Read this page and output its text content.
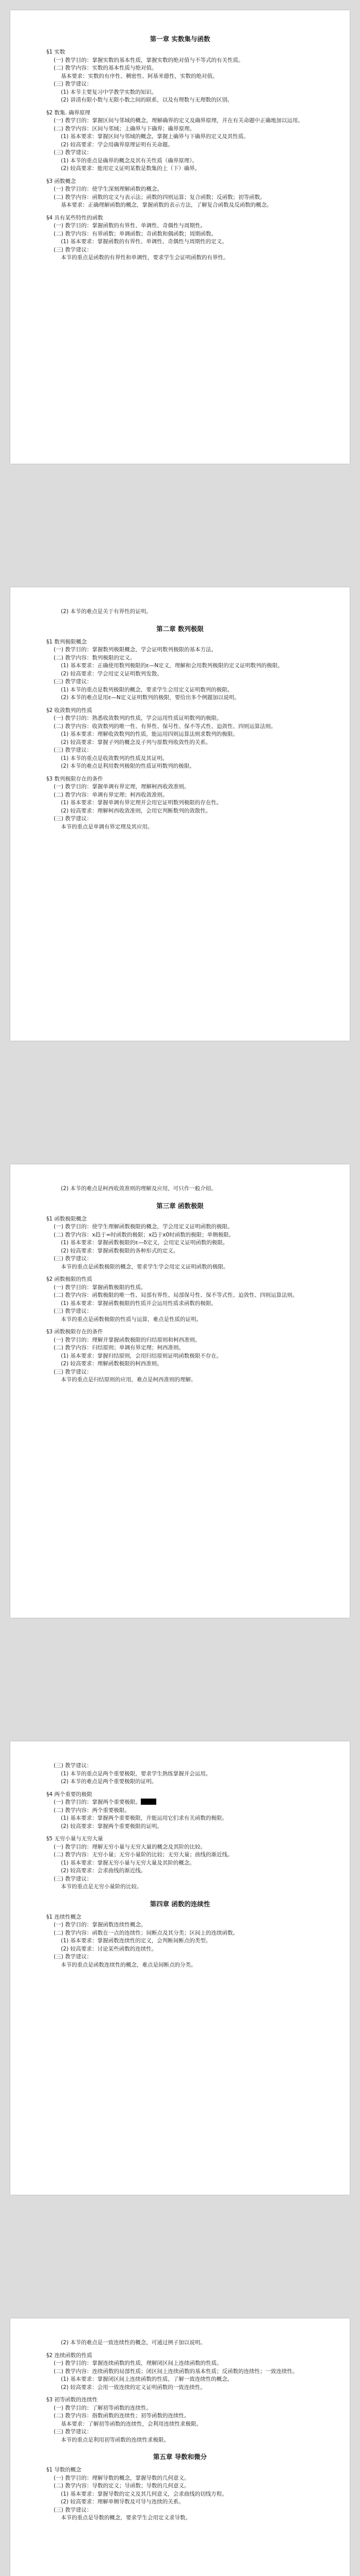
第一章 实数集与函数
§1 实数
(一) 教学目的：掌握实数的基本性质，掌握实数的绝对值与不等式的有关性质。
(二) 教学内容：实数的基本性质与绝对值。
基本要求：实数的有序性、稠密性、阿基米德性，实数的绝对值。
(三) 教学建议：
(1) 本节主要复习中学教学实数的知识。
(2) 讲清有限小数与无限小数之间的联系，以及有理数与无理数的区别。
§2 数集. 确界原理
(一) 教学目的：掌握区间与邻域的概念，理解确界的定义及确界原理，并在有关命题中正确地加以运用。
(二) 教学内容：区间与邻域；上确界与下确界；确界原理。
(1) 基本要求：掌握区间与邻域的概念，掌握上确界与下确界的定义及其性质。
(2) 较高要求：学会用确界原理证明有关命题。
(三) 教学建议：
(1) 本节的重点是确界的概念及其有关性质（确界原理）。
(2) 较高要求：能用定义证明某数是数集的上（下）确界。
§3 函数概念
(一) 教学目的：使学生深刻理解函数的概念。
(二) 教学内容：函数的定义与表示法；函数的四则运算；复合函数；反函数；初等函数。
基本要求：正确理解函数的概念，掌握函数的表示方法，了解复合函数及反函数的概念。
§4 具有某些特性的函数
(一) 教学目的：掌握函数的有界性、单调性、奇偶性与周期性。
(二) 教学内容：有界函数；单调函数；奇函数和偶函数；周期函数。
(1) 基本要求：掌握函数的有界性、单调性、奇偶性与周期性的定义。
(三) 教学建议：
本节的重点是函数的有界性和单调性，要求学生会证明函数的有界性。
(2) 本节的难点是关于有界性的证明。
第二章 数列极限
§1 数列极限概念
(一) 教学目的：掌握数列极限概念，学会证明数列极限的基本方法。
(二) 教学内容：数列极限的定义。
(1) 基本要求：正确使用数列极限的ε—N定义，理解和会用数列极限的定义证明数列的极限。
(2) 较高要求：学会用定义证明数列发散。
(三) 教学建议：
(1) 本节的重点是数列极限的概念，要求学生会用定义证明数列的极限。
(2) 本节的难点是用ε—N定义证明数列的极限，要给出多个例题加以说明。
§2 收敛数列的性质
(一) 教学目的：熟悉收敛数列的性质，学会运用性质证明数列的极限。
(二) 教学内容：收敛数列的唯一性、有界性、保号性、保不等式性、迫敛性、四则运算法则。
(1) 基本要求：理解收敛数列的性质，能运用四则运算法则求数列的极限。
(2) 较高要求：掌握子列的概念及子列与原数列收敛性的关系。
(三) 教学建议：
(1) 本节的重点是收敛数列的性质及其证明。
(2) 本节的难点是利用数列极限的性质证明数列的极限。
§3 数列极限存在的条件
(一) 教学目的：掌握单调有界定理，理解柯西收敛准则。
(二) 教学内容：单调有界定理；柯西收敛准则。
(1) 基本要求：掌握单调有界定理并会用它证明数列极限的存在性。
(2) 较高要求：理解柯西收敛准则，会用它判断数列的敛散性。
(三) 教学建议：
本节的重点是单调有界定理及其应用。
(2) 本节的难点是柯西收敛准则的理解及应用，可只作一般介绍。
第三章 函数极限
§1 函数极限概念
(一) 教学目的：使学生理解函数极限的概念，学会用定义证明函数的极限。
(二) 教学内容：x趋于∞时函数的极限；x趋于x0时函数的极限；单侧极限。
(1) 基本要求：掌握函数极限的ε—δ定义，会用定义证明函数的极限。
(2) 较高要求：掌握函数极限的各种形式的定义。
(三) 教学建议：
本节的重点是函数极限的概念，要求学生学会用定义证明函数的极限。
§2 函数极限的性质
(一) 教学目的：掌握函数极限的性质。
(二) 教学内容：函数极限的唯一性、局部有界性、局部保号性、保不等式性、迫敛性、四则运算法则。
(1) 基本要求：掌握函数极限的性质并会运用性质求函数的极限。
(三) 教学建议：
本节的重点是函数极限的性质与运算，难点是性质的证明。
§3 函数极限存在的条件
(一) 教学目的：理解并掌握函数极限的归结原则和柯西准则。
(二) 教学内容：归结原则；单调有界定理；柯西准则。
(1) 基本要求：掌握归结原则，会用归结原则证明函数极限不存在。
(2) 较高要求：理解函数极限的柯西准则。
(三) 教学建议：
本节的重点是归结原则的应用，难点是柯西准则的理解。
(三) 教学建议：
(1) 本节的重点是两个重要极限，要求学生熟练掌握并会运用。
(2) 本节的难点是两个重要极限的证明。
§4 两个重要的极限
(一) 教学目的：掌握两个重要极限。
(二) 教学内容：两个重要极限。
(1) 基本要求：掌握两个重要极限，并能运用它们求有关函数的极限。
(2) 较高要求：掌握两个重要极限的证明。
§5 无穷小量与无穷大量
(一) 教学目的：理解无穷小量与无穷大量的概念及其阶的比较。
(二) 教学内容：无穷小量；无穷小量阶的比较；无穷大量；曲线的渐近线。
(1) 基本要求：掌握无穷小量与无穷大量及其阶的概念。
(2) 较高要求：会求曲线的渐近线。
(三) 教学建议：
本节的重点是无穷小量阶的比较。
第四章 函数的连续性
§1 连续性概念
(一) 教学目的：掌握函数连续性概念。
(二) 教学内容：函数在一点的连续性；间断点及其分类；区间上的连续函数。
(1) 基本要求：掌握函数连续性的定义，会判断间断点的类型。
(2) 较高要求：讨论某些函数的连续性。
(三) 教学建议：
本节的重点是函数连续性的概念，难点是间断点的分类。
(2) 本节的难点是一致连续性的概念，可通过例子加以说明。
§2 连续函数的性质
(一) 教学目的：掌握连续函数的性质，理解闭区间上连续函数的性质。
(二) 教学内容：连续函数的局部性质；闭区间上连续函数的基本性质；反函数的连续性；一致连续性。
(1) 基本要求：掌握闭区间上连续函数的性质，了解一致连续性的概念。
(2) 较高要求：会用一致连续的定义证明函数的一致连续性。
§3 初等函数的连续性
(一) 教学目的：了解初等函数的连续性。
(二) 教学内容：指数函数的连续性；初等函数的连续性。
基本要求：了解初等函数的连续性，会利用连续性求极限。
(三) 教学建议：
本节的重点是利用初等函数的连续性求极限。
第五章 导数和微分
§1 导数的概念
(一) 教学目的：理解导数的概念，掌握导数的几何意义。
(二) 教学内容：导数的定义；导函数；导数的几何意义。
(1) 基本要求：掌握导数的定义及其几何意义，会求曲线的切线方程。
(2) 较高要求：理解单侧导数及可导与连续的关系。
(三) 教学建议：
本节的重点是导数的概念，要求学生会用定义求导数。
